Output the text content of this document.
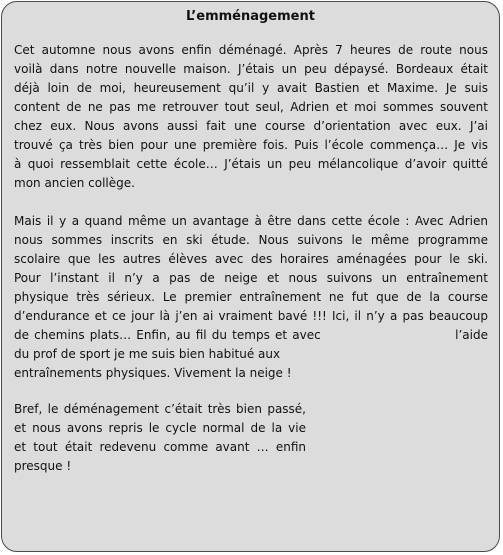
L’emménagement
Cet automne nous avons enfin déménagé. Après 7 heures de route nous
voilà dans notre nouvelle maison. J’étais un peu dépaysé. Bordeaux était
déjà loin de moi, heureusement qu’il y avait Bastien et Maxime. Je suis
content de ne pas me retrouver tout seul, Adrien et moi sommes souvent
chez eux. Nous avons aussi fait une course d’orientation avec eux. J’ai
trouvé ça très bien pour une première fois. Puis l’école commença… Je vis
à quoi ressemblait cette école… J’étais un peu mélancolique d’avoir quitté
mon ancien collège.
Mais il y a quand même un avantage à être dans cette école : Avec Adrien
nous sommes inscrits en ski étude. Nous suivons le même programme
scolaire que les autres élèves avec des horaires aménagées pour le ski.
Pour l’instant il n’y a pas de neige et nous suivons un entraînement
physique très sérieux. Le premier entraînement ne fut que de la course
d’endurance et ce jour là j’en ai vraiment bavé !!! Ici, il n’y a pas beaucoup
de chemins plats… Enfin, au fil du temps et avec                          l’aide
du prof de sport je me suis bien habitué aux
entraînements physiques. Vivement la neige !
Bref, le déménagement c’était très bien passé,
et nous avons repris le cycle normal de la vie
et tout était redevenu comme avant … enfin
presque !
